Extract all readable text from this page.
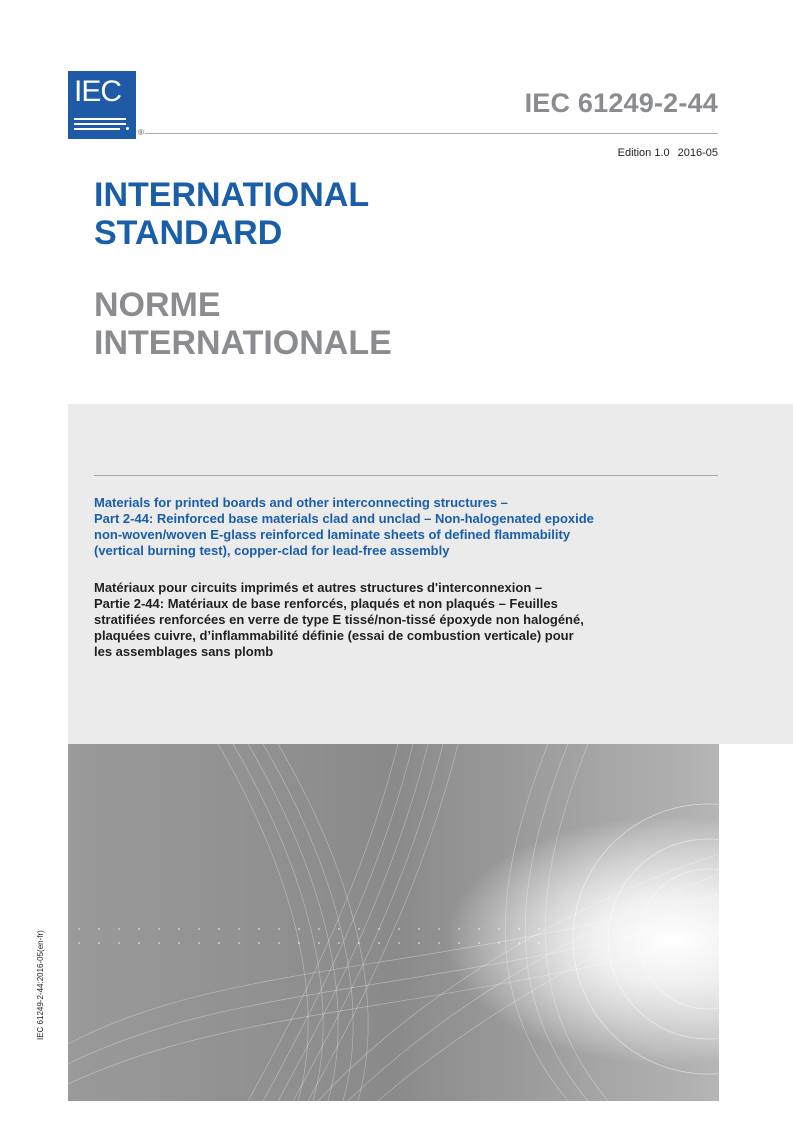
IEC
®
IEC 61249-2-44
Edition 1.0 2016-05
INTERNATIONAL
STANDARD
NORME
INTERNATIONALE
Materials for printed boards and other interconnecting structures –
Part 2-44: Reinforced base materials clad and unclad – Non-halogenated epoxide
non-woven/woven E-glass reinforced laminate sheets of defined flammability
(vertical burning test), copper-clad for lead-free assembly
Matériaux pour circuits imprimés et autres structures d'interconnexion –
Partie 2-44: Matériaux de base renforcés, plaqués et non plaqués – Feuilles
stratifiées renforcées en verre de type E tissé/non-tissé époxyde non halogéné,
plaquées cuivre, d’inflammabilité définie (essai de combustion verticale) pour
les assemblages sans plomb
IEC 61249-2-44:2016-05(en-fr)
